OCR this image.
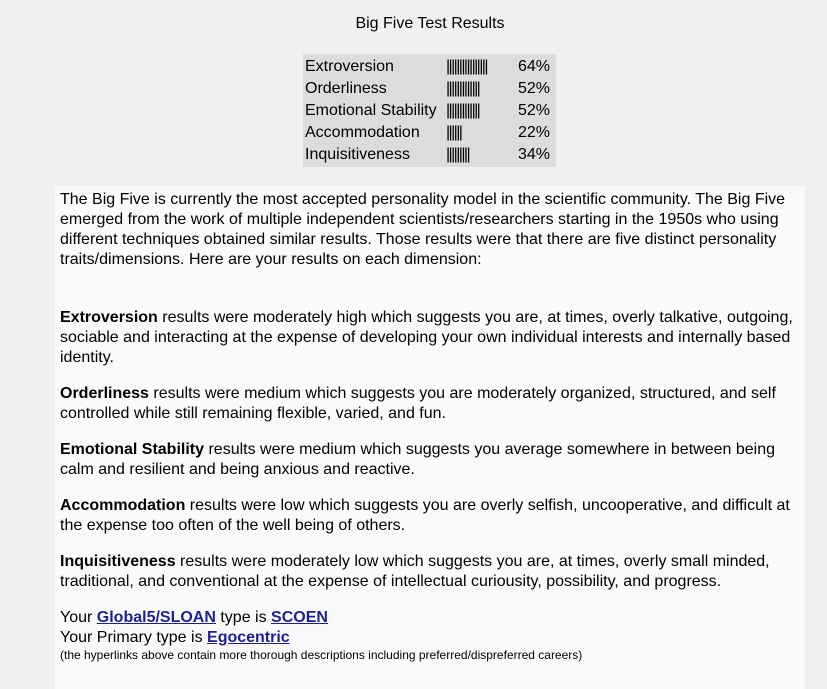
Big Five Test Results
Extroversion	|||||||||||||||| 64%
Orderliness	||||||||||||| 52%
Emotional Stability ||||||||||||| 52%
Accommodation ||||||	22%
Inquisitiveness |||||||||	34%

The Big Five is currently the most accepted personality model in the scientific community. The Big Five emerged from the work of multiple independent scientists/researchers starting in the 1950s who using different techniques obtained similar results. Those results were that there are five distinct personality traits/dimensions. Here are your results on each dimension:

Extroversion results were moderately high which suggests you are, at times, overly talkative, outgoing, sociable and interacting at the expense of developing your own individual interests and internally based identity.

Orderliness results were medium which suggests you are moderately organized, structured, and self controlled while still remaining flexible, varied, and fun.

Emotional Stability results were medium which suggests you average somewhere in between being calm and resilient and being anxious and reactive.

Accommodation results were low which suggests you are overly selfish, uncooperative, and difficult at the expense too often of the well being of others.

Inquisitiveness results were moderately low which suggests you are, at times, overly small minded, traditional, and conventional at the expense of intellectual curiousity, possibility, and progress.

Your Global5/SLOAN type is SCOEN
Your Primary type is Egocentric
(the hyperlinks above contain more thorough descriptions including preferred/dispreferred careers)
